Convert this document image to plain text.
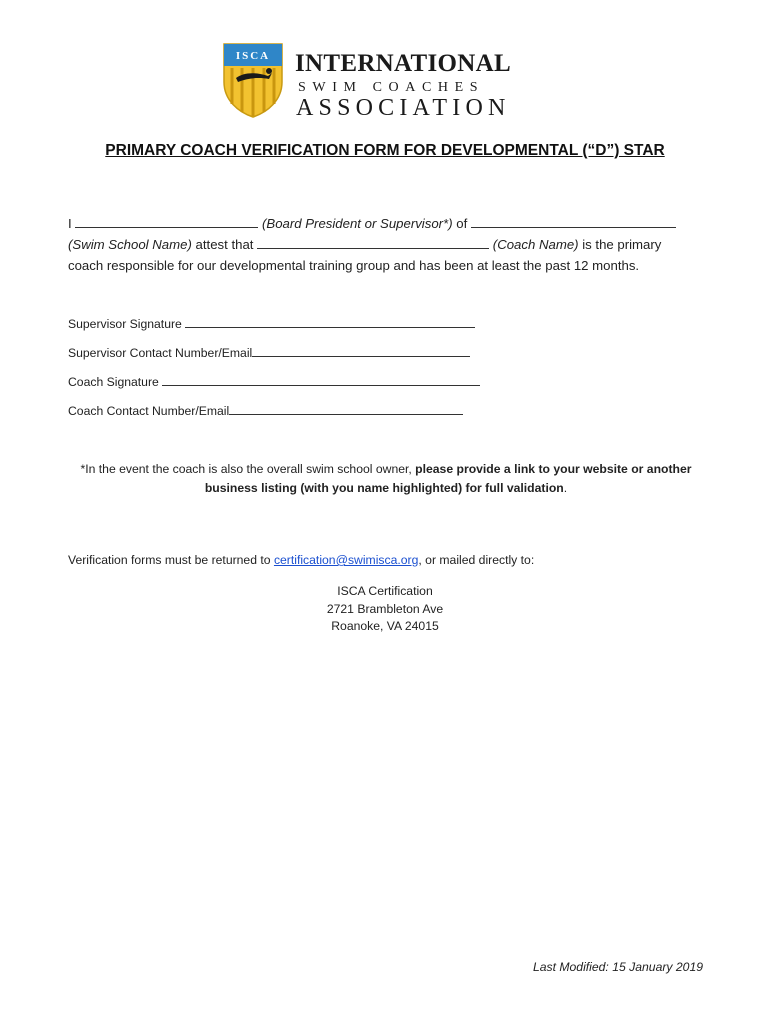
ISCA INTERNATIONAL
SWIM COACHES
ASSOCIATION
PRIMARY COACH VERIFICATION FORM FOR DEVELOPMENTAL (“D”) STAR
I	(Board President or Supervisor*) of
(Swim School Name) attest that	(Coach Name) is the primary
coach responsible for our developmental training group and has been at least the past 12 months.
Supervisor Signature
Supervisor Contact Number/Email
Coach Signature
Coach Contact Number/Email
*In the event the coach is also the overall swim school owner, please provide a link to your website or another business listing (with you name highlighted) for full validation.
Verification forms must be returned to certification@swimisca.org, or mailed directly to:
ISCA Certification
2721 Brambleton Ave
Roanoke, VA 24015
Last Modified: 15 January 2019
